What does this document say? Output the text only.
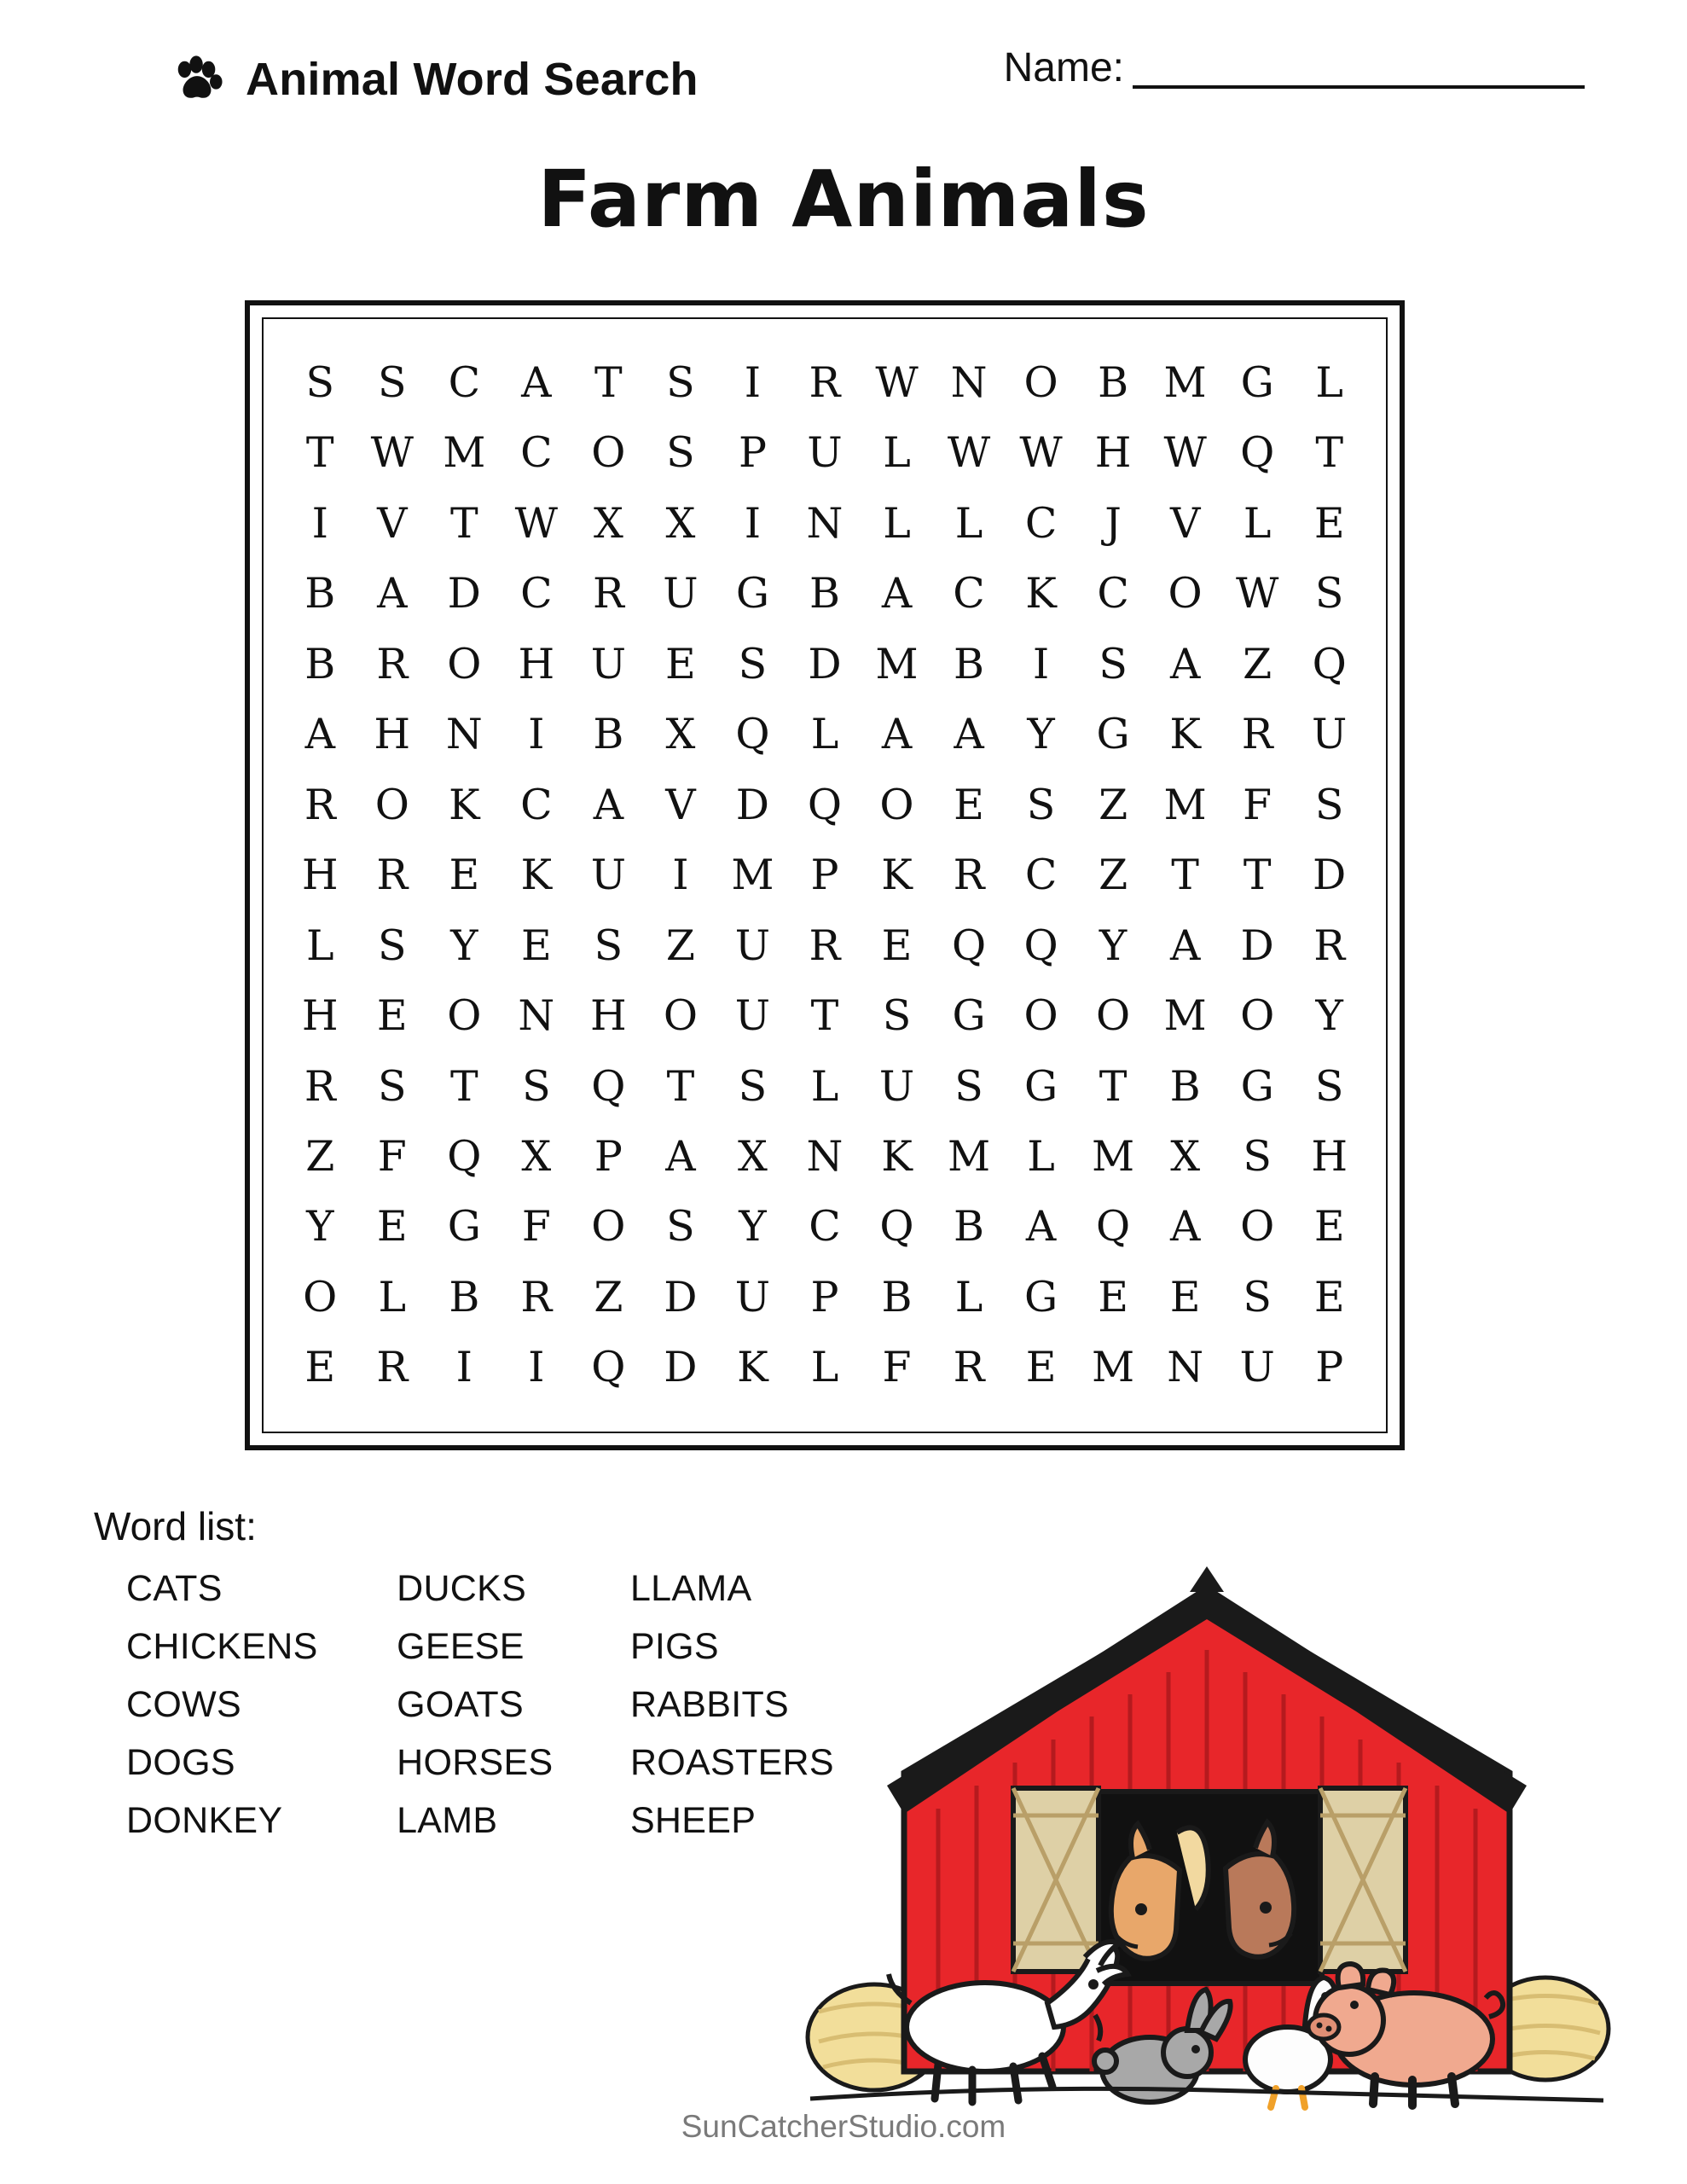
Animal Word Search	Name:
Farm Animals
S	S	C A	T	S	I	R W N O B M G L
T W M C O S	P U L W W H W Q T
I	V	T W X	X	I	N L	L	C	J	V	L	E
B A D C R U G B A C K C O W S
B R O H U E	S D M B	I	S	A	Z Q
A H N	I	B	X Q L	A	A	Y G K R U
R O K C A	V D Q O E	S	Z M F	S
H R E K U	I	M P	K R C Z	T	T D
L	S	Y	E	S	Z U R E Q Q Y	A D R
H E O N H O U T	S G O O M O Y
R	S	T	S Q T	S	L U S G T	B G S
Z	F Q X	P	A	X N K M L M X	S H
Y	E G F O S	Y	C Q B A Q A O E
O L	B R	Z D U P	B	L G E E	S	E
E R	I	I	Q D K	L	F	R E M N U P
Word list:
CATS	DUCKS	LLAMA
CHICKENS	GEESE	PIGS
COWS	GOATS	RABBITS
DOGS	HORSES	ROASTERS
DONKEY	LAMB	SHEEP
SunCatcherStudio.com
